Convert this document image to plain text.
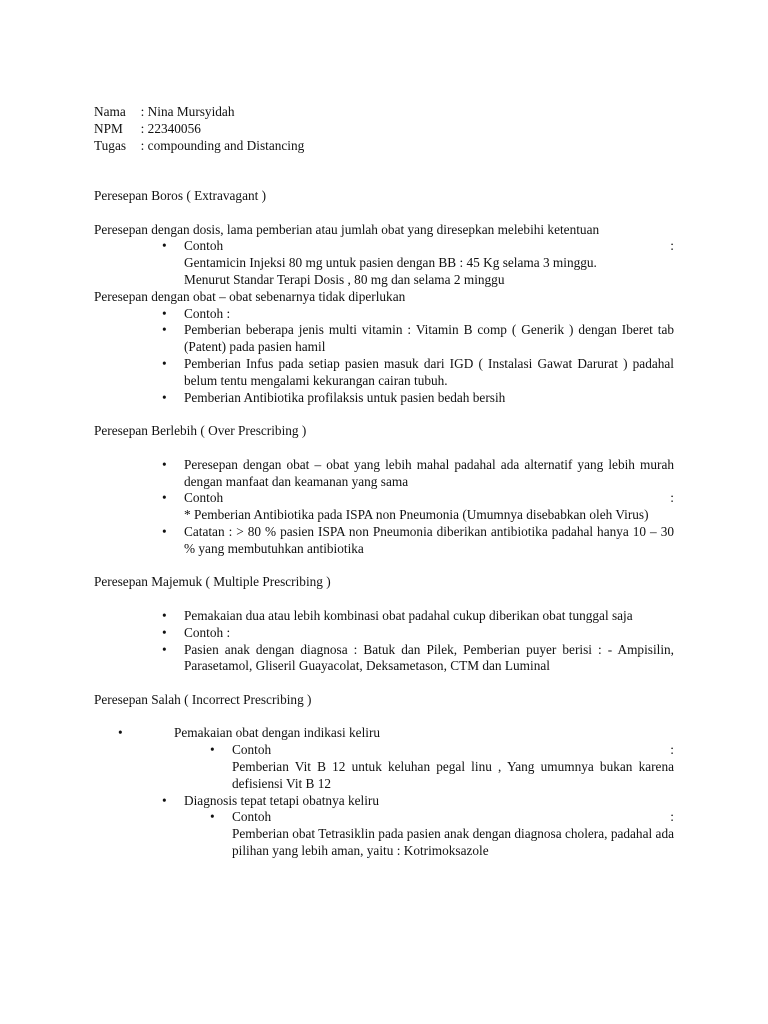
Nama
	: Nina Mursyidah
NPM
	: 22340056
Tugas
	: compounding and Distancing
Peresepan Boros ( Extravagant )
Peresepan dengan dosis, lama pemberian atau jumlah obat yang diresepkan melebihi ketentuan
• Contoh	:
Gentamicin Injeksi 80 mg untuk pasien dengan BB : 45 Kg selama 3 minggu.
Menurut Standar Terapi Dosis , 80 mg dan selama 2 minggu
Peresepan dengan obat – obat sebenarnya tidak diperlukan
• Contoh :
• Pemberian beberapa jenis multi vitamin : Vitamin B comp ( Generik ) dengan Iberet tab (Patent) pada pasien hamil
• Pemberian Infus pada setiap pasien masuk dari IGD ( Instalasi Gawat Darurat ) padahal belum tentu mengalami kekurangan cairan tubuh.
• Pemberian Antibiotika profilaksis untuk pasien bedah bersih
Peresepan Berlebih ( Over Prescribing )
• Peresepan dengan obat – obat yang lebih mahal padahal ada alternatif yang lebih murah dengan manfaat dan keamanan yang sama
• Contoh	:
* Pemberian Antibiotika pada ISPA non Pneumonia (Umumnya disebabkan oleh Virus)
• Catatan : > 80 % pasien ISPA non Pneumonia diberikan antibiotika padahal hanya 10 – 30 % yang membutuhkan antibiotika
Peresepan Majemuk ( Multiple Prescribing )
• Pemakaian dua atau lebih kombinasi obat padahal cukup diberikan obat tunggal saja
• Contoh :
• Pasien anak dengan diagnosa : Batuk dan Pilek, Pemberian puyer berisi : - Ampisilin, Parasetamol, Gliseril Guayacolat, Deksametason, CTM dan Luminal
Peresepan Salah ( Incorrect Prescribing )
•	Pemakaian obat dengan indikasi keliru
• Contoh	:
Pemberian Vit B 12 untuk keluhan pegal linu , Yang umumnya bukan karena defisiensi Vit B 12
• Diagnosis tepat tetapi obatnya keliru
• Contoh	:
Pemberian obat Tetrasiklin pada pasien anak dengan diagnosa cholera, padahal ada pilihan yang lebih aman, yaitu : Kotrimoksazole
